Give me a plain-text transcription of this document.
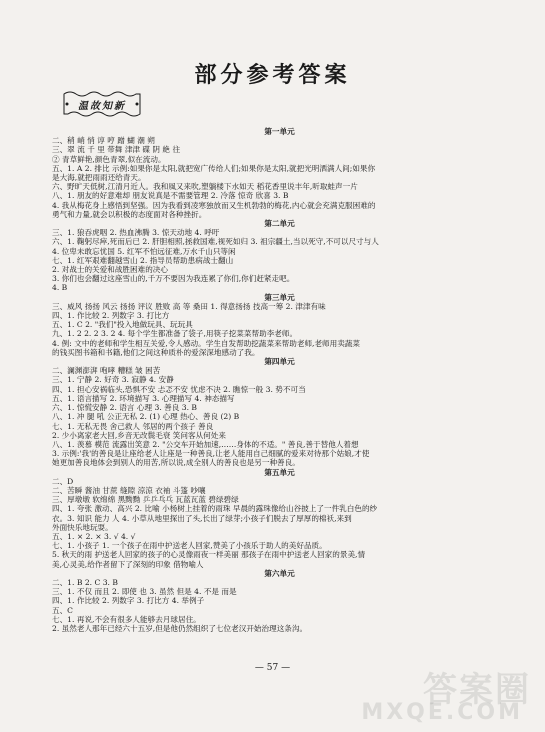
部分参考答案
温故知新
第一单元
二、稍 峭 悄 谆 哼 蹭 蝴 潮 朔
三、翠 流 千 里 带舞 津津 碟 阴 絶 往
② 青草鲜艳,颜色青翠,似在流动。
五、1. A 2. 排比 示例:如果你是太阳,就把宽广传给人们;如果你是太阳,就把光明洒满人间;如果你
是大海,就把雨雨还给青天。
六、野旷天低树,江清月近人。我和風又来吹,塑躺楼下水如天 稻花香里说丰年,听取蛙声一片
八、1. 朋友的好意难却 朋友说真是不需要管理 2. 冷落 惊奇 欣喜 3. B
4. 我从梅花身上感悟到坚强。因为我看到凌寒独放而又生机勃勃的梅花,内心就会充满克服困难的
勇气和力量,就会以积极的态度面对各种挫折。
第二单元
三、1. 狼吞虎咽 2. 热血沸腾 3. 惊天动地 4. 呼吁
六、1. 鞠躬尽瘁,死而后已 2. 肝胆相照,拯救国难,视死如归 3. 祖宗疆土,当以死守,不可以尺寸与人
4. 位卑未敢忘忧国 5. 红军不怕远征难,万水千山只等闲
七、1. 红军艰难翻越雪山 2. 指导员帮助患病战士翻山
2. 对战士的关爱和战胜困难的决心
3. 你们也会翻过这座雪山的,千万不要因为我连累了你们,你们赶紧走吧。
4. B
第三单元
三、威风 扬扬 风云 扬扬 评议 胜败 高 等 桑田 1. 得意扬扬 技高一筹 2. 津津有味
四、1. 作比较 2. 列数字 3. 打比方
五、1. C 2. "我们"投入地做玩具、玩玩具
九、1. 2 2. 2 3. 2 4. 每个学生都准备了袋子,用筷子挖菜菜帮助李老师。
4. 例: 文中的老师和学生相互关爱,令人感动。学生自发帮助挖蔬菜来帮助老师,老师用卖蔬菜
的钱买图书箱和书籍,他们之间这种质朴的爱深深地感动了我。
第四单元
二、澜渊澎湃 咆哮 糟糕 皱 困苦
三、1. 宁静 2. 好奇 3. 寂静 4. 安静
四、1. 担心安祸临头,恐惧不安 忐忑不安 忧虑不决 2. 瞧惊一般 3. 势不可当
五、1. 语言描写 2. 环境描写 3. 心理描写 4. 神态描写
六、1. 惊慌安静 2. 语言 心理 3. 善良 3. B
八、1. 冲 腿 吼 公正无私 2. (1) 心理 热心、善良 (2) B
七、1. 无私无畏 舍己救人 邻居的两个孩子 善良
2. 少小离家老大回,乡音无改鬓毛衰 笑问客从何处来
八、1. 羡慕 模范 流露出笑意 2. "公交车开始加速,……身体的不适。" 善良,善于替他人着想
3. 示例:'我'的善良是让座给老人让座是一种善良,让老人能用自己细腻的爱来对待那个姑娘,才使
她更加善良地体会到别人的用苦,所以说,成全别人的善良也是另一种善良。
第五单元
二、D
二、苦瞬 酱油 甘蔗 缝隙 涼涼 衣袖 斗篷 吵嚷
三、厚墩墩 软绵绵 黑黝黝 乒乒乓乓 瓦蓝瓦蓝 碧绿碧绿
四、1. 夸张 激动、高兴 2. 比喻 小杨树上挂着的雨珠 早晨的露珠像给山谷披上了一件乳白色的纱
衣。3. 知识 能力 人 4. 小草从地里探出了头,长出了绿芽;小孩子们脱去了厚厚的棉袄,来到
外面快乐地玩耍。
五、1. × 2. × 3. √ 4. √
七、1. 小孩子 1. 一个孩子在雨中护送老人回家,赞美了小孩乐于助人的美好品质。
5. 秋天的雨 护送老人回家的孩子的心灵像雨夜一样美丽 那孩子在雨中护送老人回家的景美,情
美,心灵美,给作者留下了深刻的印象 借物喻人
第六单元
二、1. B 2. C 3. B
三、1. 不仅 而且 2. 即使 也 3. 虽然 但是 4. 不是 而是
四、1. 作比较 2. 列数字 3. 打比方 4. 举例子
五、C
七、1. 再说,不会有很多人能够去月球居住。
2. 虽然老人那年已经六十五岁,但是他仍然组织了七位老汉开始治理这条沟。
— 57 —
答案圈
MXQE.COM
